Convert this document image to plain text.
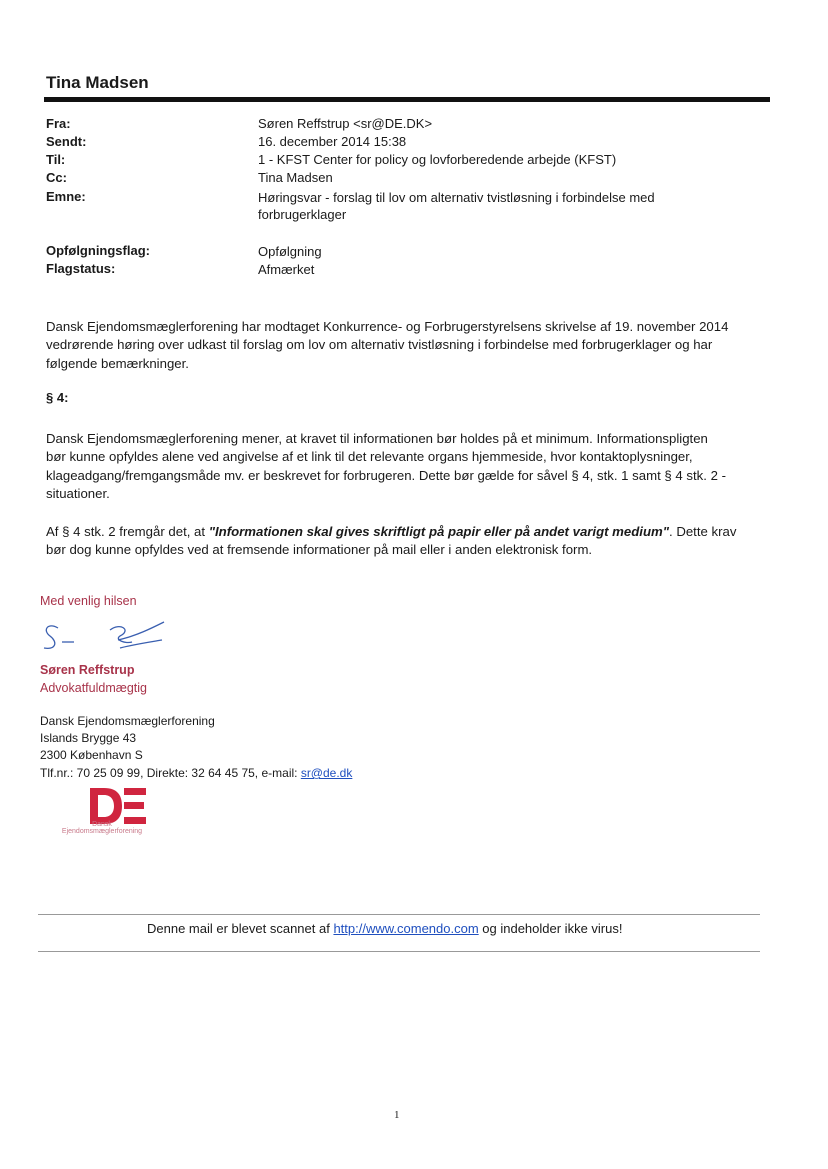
Tina Madsen
Fra:	Søren Reffstrup <sr@DE.DK>
Sendt:	16. december 2014 15:38
Til:	1 - KFST Center for policy og lovforberedende arbejde (KFST)
Cc:	Tina Madsen
Emne:	Høringsvar - forslag til lov om alternativ tvistløsning i forbindelse med
forbrugerklager
Opfølgningsflag:	Opfølgning
Flagstatus:	Afmærket
Dansk Ejendomsmæglerforening har modtaget Konkurrence- og Forbrugerstyrelsens skrivelse af 19. november 2014
vedrørende høring over udkast til forslag om lov om alternativ tvistløsning i forbindelse med forbrugerklager og har
følgende bemærkninger.
§ 4:
Dansk Ejendomsmæglerforening mener, at kravet til informationen bør holdes på et minimum. Informationspligten
bør kunne opfyldes alene ved angivelse af et link til det relevante organs hjemmeside, hvor kontaktoplysninger,
klageadgang/fremgangsmåde mv. er beskrevet for forbrugeren. Dette bør gælde for såvel § 4, stk. 1 samt § 4 stk. 2 -
situationer.
Af § 4 stk. 2 fremgår det, at "Informationen skal gives skriftligt på papir eller på andet varigt medium". Dette krav
bør dog kunne opfyldes ved at fremsende informationer på mail eller i anden elektronisk form.
Med venlig hilsen
Søren Reffstrup
Advokatfuldmægtig
Dansk Ejendomsmæglerforening
Islands Brygge 43
2300 København S
Tlf.nr.: 70 25 09 99, Direkte: 32 64 45 75, e-mail: sr@de.dk
Dansk
Ejendomsmæglerforening
Denne mail er blevet scannet af http://www.comendo.com og indeholder ikke virus!
1
